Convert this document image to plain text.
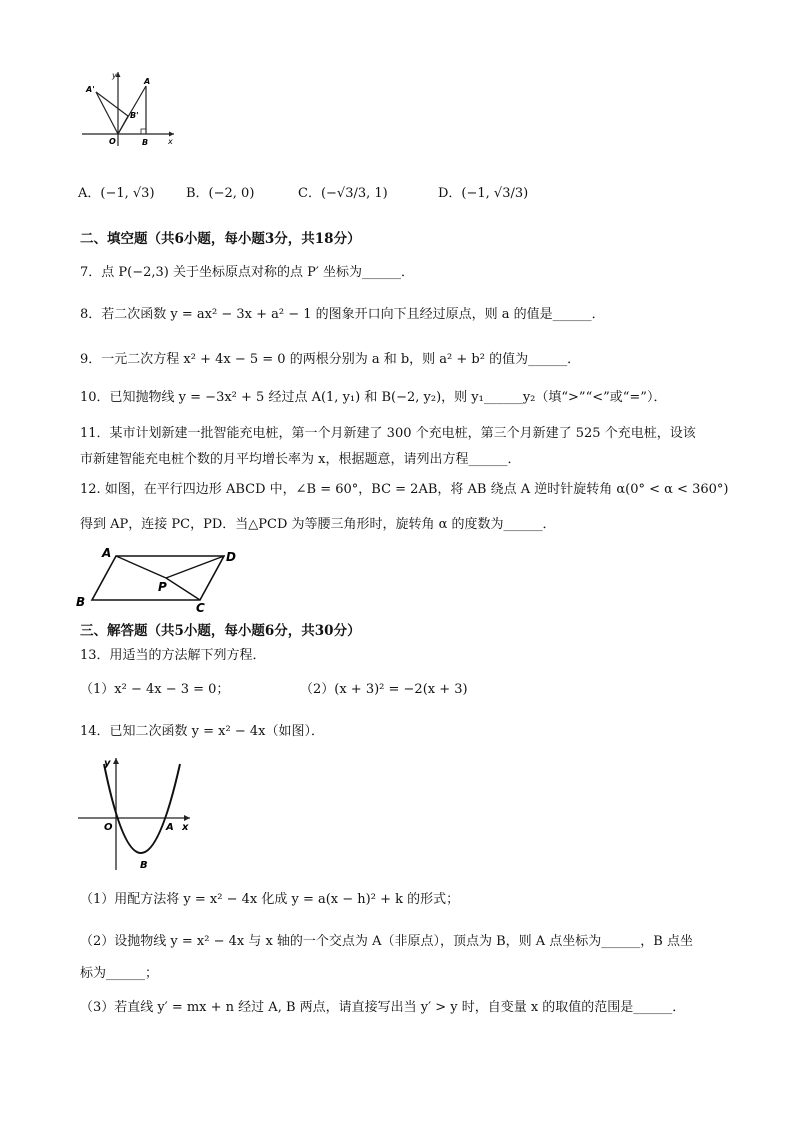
y
x
O
A
A'
B
B'
A．(−1, √3) B．(−2, 0)	C．(−√3/3, 1)	D．(−1, √3/3)
二、填空题（共6小题，每小题3分，共18分）
7．点 P(−2,3) 关于坐标原点对称的点 P′ 坐标为______．
8．若二次函数 y = ax² − 3x + a² − 1 的图象开口向下且经过原点，则 a 的值是______．
9．一元二次方程 x² + 4x − 5 = 0 的两根分别为 a 和 b，则 a² + b² 的值为______．
10．已知抛物线 y = −3x² + 5 经过点 A(1, y₁) 和 B(−2, y₂)，则 y₁______y₂（填“>”“<”或“=”）．
11．某市计划新建一批智能充电桩，第一个月新建了 300 个充电桩，第三个月新建了 525 个充电桩，设该
市新建智能充电桩个数的月平均增长率为 x，根据题意，请列出方程______．
12. 如图，在平行四边形 ABCD 中，∠B = 60°，BC = 2AB，将 AB 绕点 A 逆时针旋转角 α(0° < α < 360°)
得到 AP，连接 PC，PD．当△PCD 为等腰三角形时，旋转角 α 的度数为______．
A	D
B	C
P
三、解答题（共5小题，每小题6分，共30分）
13．用适当的方法解下列方程．
（1）x² − 4x − 3 = 0；	（2）(x + 3)² = −2(x + 3)
14．已知二次函数 y = x² − 4x（如图）．
y
x
O	A
B
（1）用配方法将 y = x² − 4x 化成 y = a(x − h)² + k 的形式；
（2）设抛物线 y = x² − 4x 与 x 轴的一个交点为 A（非原点），顶点为 B，则 A 点坐标为______，B 点坐
标为______；
（3）若直线 y′ = mx + n 经过 A, B 两点，请直接写出当 y′ > y 时，自变量 x 的取值的范围是______．
